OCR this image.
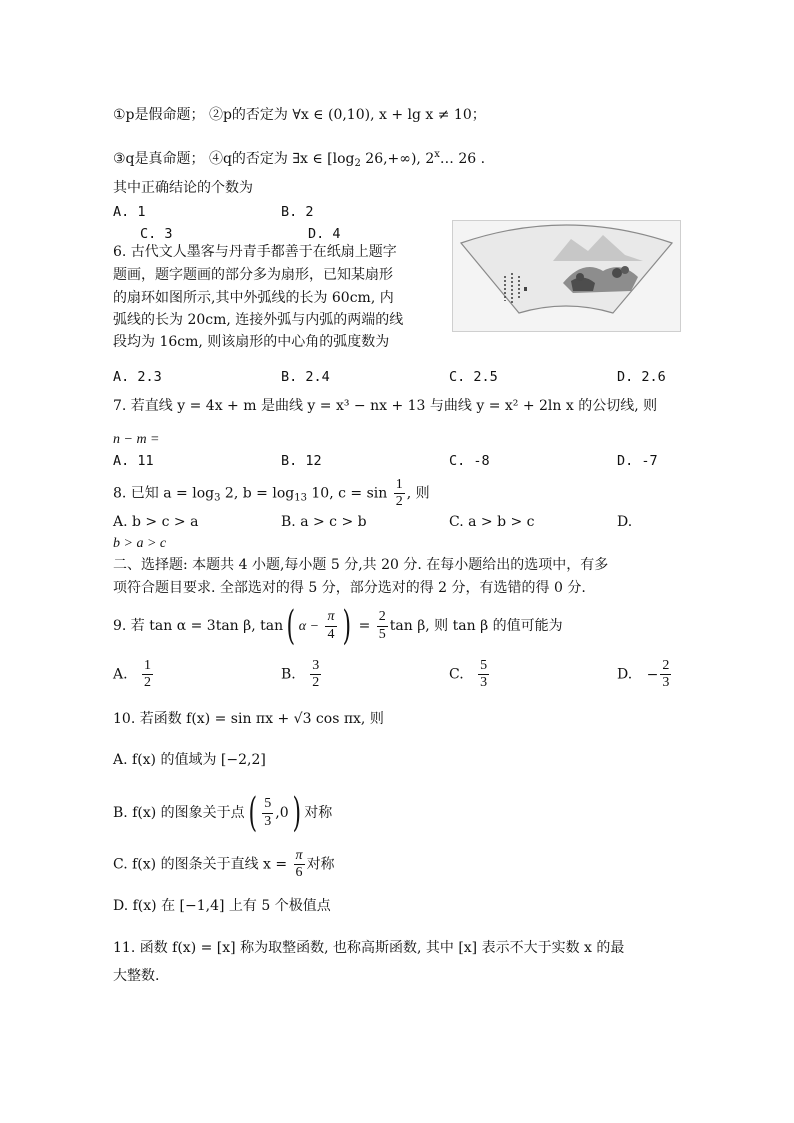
①p是假命题； ②p的否定为 ∀x ∈ (0,10), x + lg x ≠ 10；
③q是真命题； ④q的否定为 ∃x ∈ [$\log_2$ 26,+∞), 2$^x$… 26 .
其中正确结论的个数为
A. 1	B. 2
C. 3	D. 4
6. 古代文人墨客与丹青手都善于在纸扇上题字
题画，题字题画的部分多为扇形，已知某扇形
的扇环如图所示,其中外弧线的长为 60cm, 内
弧线的长为 20cm, 连接外弧与内弧的两端的线
段均为 16cm, 则该扇形的中心角的弧度数为
A. 2.3	B. 2.4	C. 2.5	D. 2.6
7. 若直线 y = 4x + m 是曲线 y = x³ − nx + 13 与曲线 y = x² + 2ln x 的公切线, 则
n − m =
A. 11	B. 12	C. -8	D. -7
8. 已知 $a = \log_3 2$, $b = \log_{13} 10$, $c = \sin \frac{1}{2}$ , 则
A. b > c > a	B. a > c > b	C. a > b > c	D.
b > a > c
二、选择题: 本题共 4 小题,每小题 5 分,共 20 分. 在每小题给出的选项中，有多
项符合题目要求. 全部选对的得 5 分，部分选对的得 2 分，有选错的得 0 分.
9. 若 tan α = 3tan β, tan( $\alpha - \frac{\pi}{4}$ ) = $\frac{2}{5}$ tan β, 则 tan β 的值可能为
A. $\frac{1}{2}$	B. $\frac{3}{2}$	C. $\frac{5}{3}$	D. − $\frac{2}{3}$
10. 若函数 f(x) = sin πx + √3 cos πx, 则
A. f(x) 的值域为 [−2,2]
B. f(x) 的图象关于点( $\frac{5}{3} ,0$) 对称
C. f(x) 的图条关于直线 $x = \frac{\pi}{6}$ 对称
D. f(x) 在 [−1,4] 上有 5 个极值点
11. 函数 f(x) = [x] 称为取整函数, 也称高斯函数, 其中 [x] 表示不大于实数 x 的最
大整数.
